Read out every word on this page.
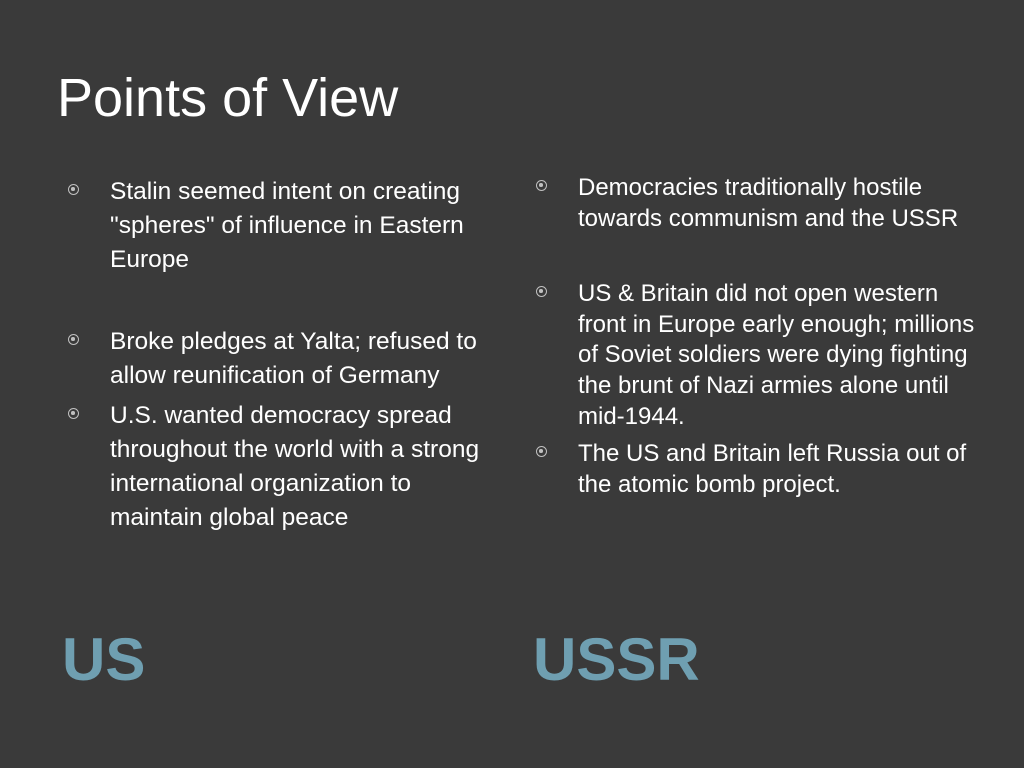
Points of View
Stalin seemed intent on creating "spheres" of influence in Eastern Europe
Broke pledges at Yalta; refused to allow reunification of Germany
U.S. wanted democracy spread throughout the world with a strong international organization to maintain global peace
Democracies traditionally hostile towards communism and the USSR
US & Britain did not open western front in Europe early enough; millions of Soviet soldiers were dying fighting the brunt of Nazi armies alone until mid-1944.
The US and Britain left Russia out of the atomic bomb project.
US	USSR
